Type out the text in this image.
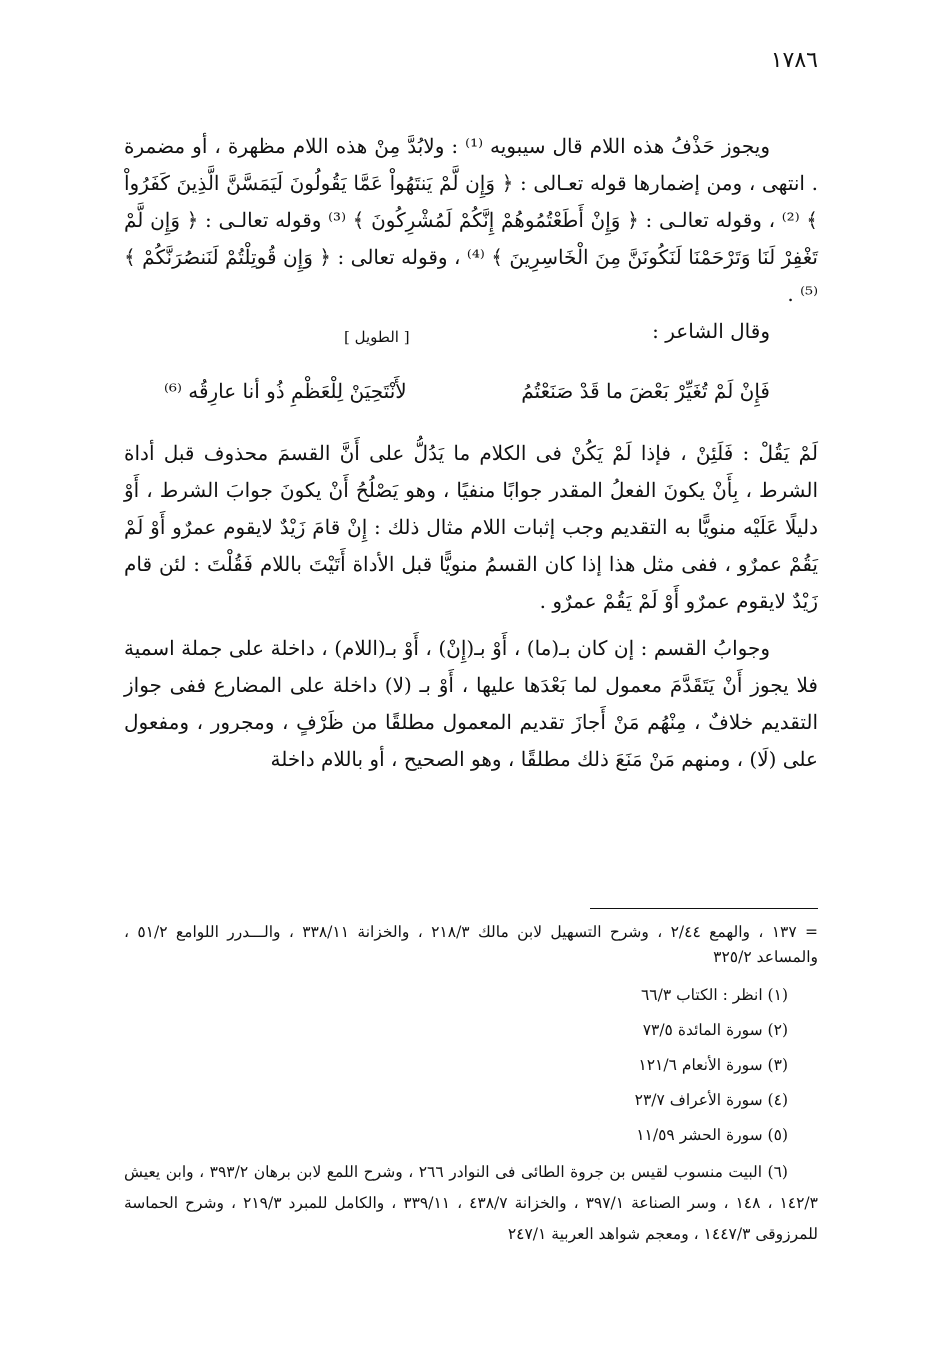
١٧٨٦

ويجوز حَذْفُ هذه اللام قال سيبويه ⁽¹⁾ : ولابُدَّ مِنْ هذه اللام مظهرة ، أو مضمرة . انتهى ، ومن إضمارها قوله تعـالى : ﴿ وَإِن لَّمْ يَنتَهُواْ عَمَّا يَقُولُونَ لَيَمَسَّنَّ الَّذِينَ كَفَرُواْ ﴾ ⁽²⁾ ، وقوله تعالـى : ﴿ وَإِنْ أَطَعْتُمُوهُمْ إِنَّكُمْ لَمُشْرِكُونَ ﴾ ⁽³⁾ وقوله تعالـى : ﴿ وَإِن لَّمْ تَغْفِرْ لَنَا وَتَرْحَمْنَا لَنَكُونَنَّ مِنَ الْخَاسِرِينَ ﴾ ⁽⁴⁾ ، وقوله تعالى : ﴿ وَإِن قُوتِلْتُمْ لَنَنصُرَنَّكُمْ ﴾ ⁽⁵⁾ .

وقال الشاعر :
[ الطويل ]
فَإِنْ لَمْ تُغَيِّرْ بَعْضَ ما قَدْ صَنَعْتُمُ
لأَنْتَحِيَنْ لِلْعَظْمِ ذُو أنا عارِقُه ⁽⁶⁾

لَمْ يَقُلْ : فَلَئِنْ ، فإذا لَمْ يَكُنْ فى الكلام ما يَدُلُّ على أَنَّ القسمَ محذوف قبل أداة الشرط ، بِأَنْ يكونَ الفعلُ المقدر جوابًا منفيًا ، وهو يَصْلُحُ أَنْ يكونَ جوابَ الشرط ، أَوْ دليلًا عَلَيْه منويًّا به التقديم وجب إثبات اللام مثال ذلك : إِنْ قامَ زَيْدٌ لايقوم عمرٌو أَوْ لَمْ يَقُمْ عمرٌو ، ففى مثل هذا إذا كان القسمُ منويًّا قبل الأداة أَتَيْتَ باللام فَقُلْتَ : لئن قام زَيْدٌ لايقوم عمرٌو أَوْ لَمْ يَقُمْ عمرٌو .

وجوابُ القسم : إن كان بـ(ما) ، أَوْ بـ(إِنْ) ، أَوْ بـ(اللام) ، داخلة على جملة اسمية فلا يجوز أَنْ يَتَقَدَّمَ معمول لما بَعْدَها عليها ، أَوْ بـ (لا) داخلة على المضارع ففى جواز التقديم خلافٌ ، مِنْهُم مَنْ أَجازَ تقديم المعمول مطلقًا من ظَرْفٍ ، ومجرور ، ومفعول على (لَا) ، ومنهم مَنْ مَنَعَ ذلك مطلقًا ، وهو الصحيح ، أو باللام داخلة

= ١٣٧ ، والهمع ٢/٤٤ ، وشرح التسهيل لابن مالك ٢١٨/٣ ، والخزانة ٣٣٨/١١ ، والـــدرر اللوامع ٥١/٢ ، والمساعد ٣٢٥/٢

(١) انظر : الكتاب ٦٦/٣
(٢) سورة المائدة ٧٣/٥
(٣) سورة الأنعام ١٢١/٦
(٤) سورة الأعراف ٢٣/٧
(٥) سورة الحشر ١١/٥٩

(٦) البيت منسوب لقيس بن جروة الطائى فى النوادر ٢٦٦ ، وشرح اللمع لابن برهان ٣٩٣/٢ ، وابن يعيش ١٤٢/٣ ، ١٤٨ ، وسر الصناعة ٣٩٧/١ ، والخزانة ٤٣٨/٧ ، ٣٣٩/١١ ، والكامل للمبرد ٢١٩/٣ ، وشرح الحماسة للمرزوقى ١٤٤٧/٣ ، ومعجم شواهد العربية ٢٤٧/١
